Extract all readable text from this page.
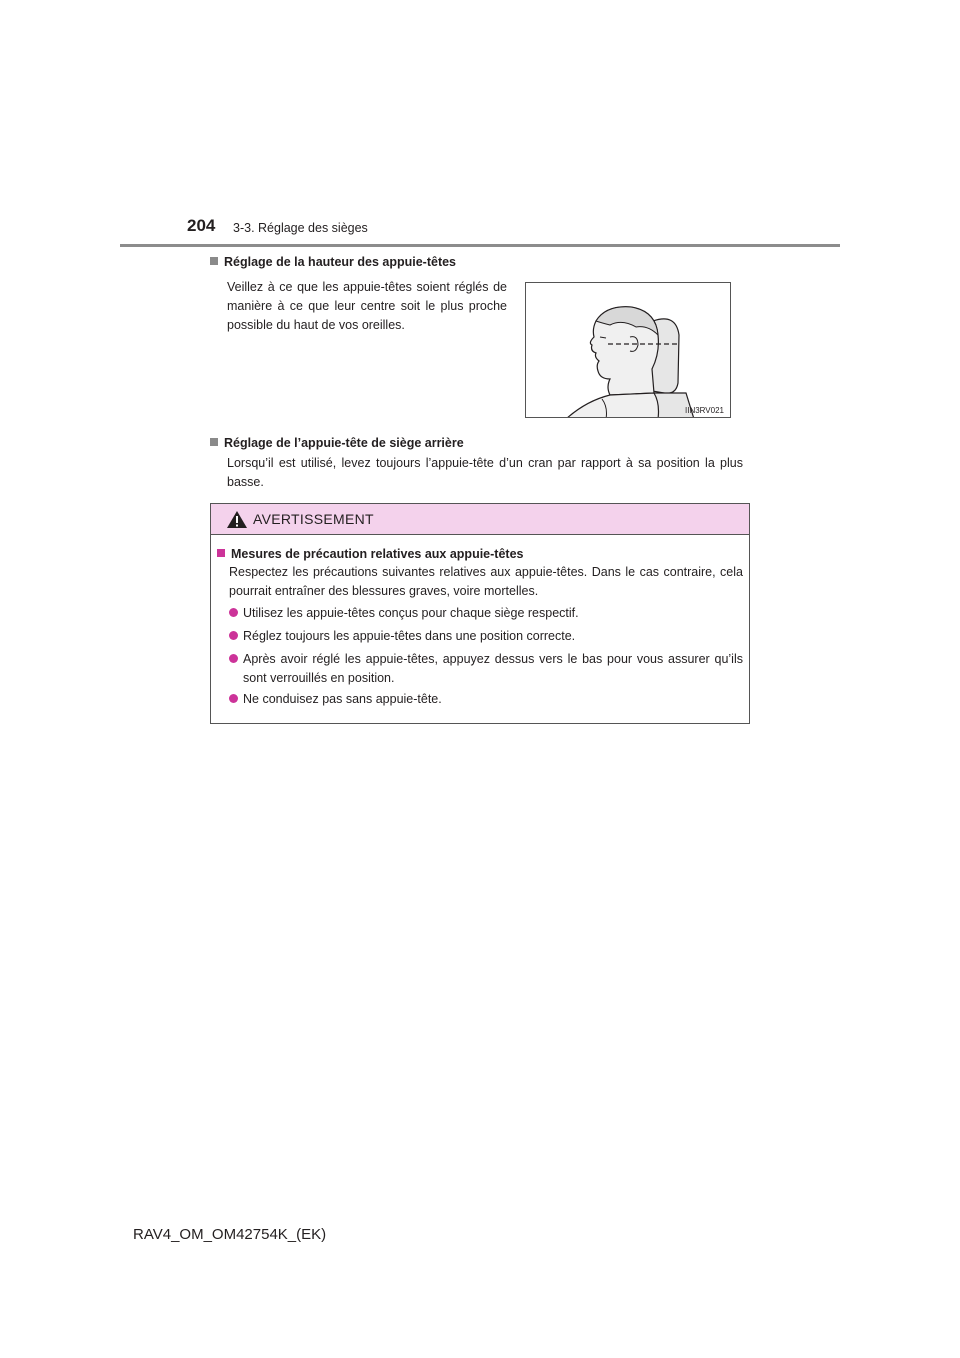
204 3-3. Réglage des sièges
Réglage de la hauteur des appuie-têtes
Veillez à ce que les appuie-têtes soient réglés de manière à ce que leur centre soit le plus proche possible du haut de vos oreilles.
IIN3RV021
Réglage de l’appuie-tête de siège arrière
Lorsqu’il est utilisé, levez toujours l’appuie-tête d’un cran par rapport à sa position la plus basse.
AVERTISSEMENT
Mesures de précaution relatives aux appuie-têtes
Respectez les précautions suivantes relatives aux appuie-têtes. Dans le cas contraire, cela pourrait entraîner des blessures graves, voire mortelles.
Utilisez les appuie-têtes conçus pour chaque siège respectif.
Réglez toujours les appuie-têtes dans une position correcte.
Après avoir réglé les appuie-têtes, appuyez dessus vers le bas pour vous assurer qu’ils sont verrouillés en position.
Ne conduisez pas sans appuie-tête.
RAV4_OM_OM42754K_(EK)
